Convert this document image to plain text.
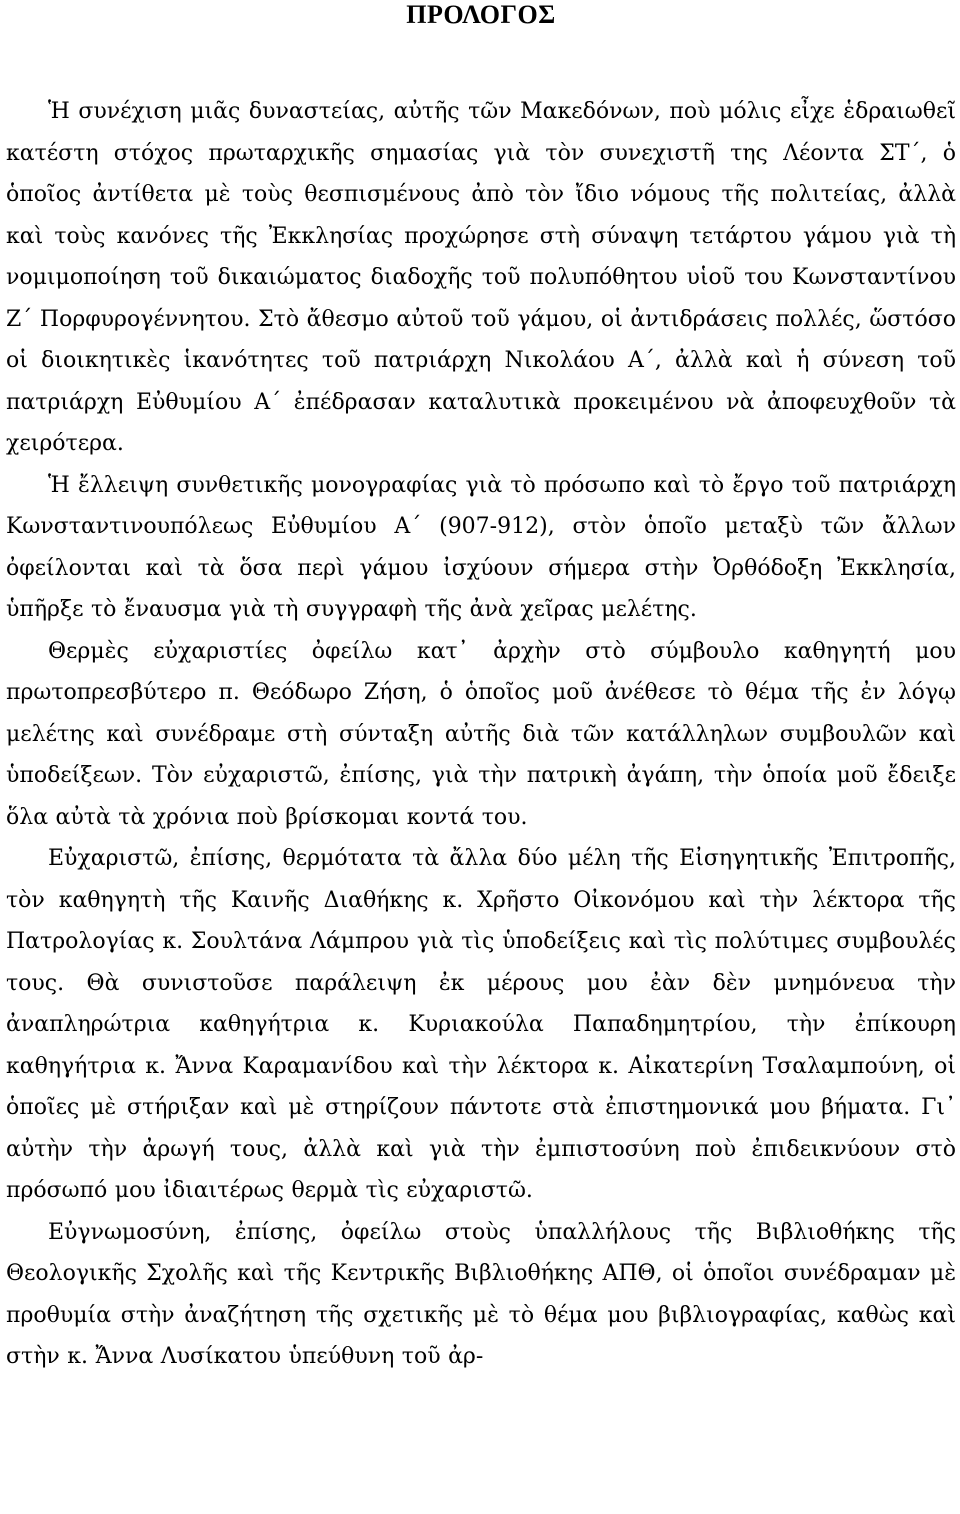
ΠΡΟΛΟΓΟΣ

Ἡ συνέχιση μιᾶς δυναστείας, αὐτῆς τῶν Μακεδόνων, ποὺ μόλις εἶχε ἑδραιωθεῖ κατέστη στόχος πρωταρχικῆς σημασίας γιὰ τὸν συνεχιστῆ της Λέοντα ΣΤ΄, ὁ ὁποῖος ἀντίθετα μὲ τοὺς θεσπισμένους ἀπὸ τὸν ἴδιο νόμους τῆς πολιτείας, ἀλλὰ καὶ τοὺς κανόνες τῆς Ἐκκλησίας προχώρησε στὴ σύναψη τετάρτου γάμου γιὰ τὴ νομιμοποίηση τοῦ δικαιώματος διαδοχῆς τοῦ πολυπόθητου υἱοῦ του Κωνσταντίνου Ζ΄ Πορφυρογέννητου. Στὸ ἄθεσμο αὐτοῦ τοῦ γάμου, οἱ ἀντιδράσεις πολλές, ὥστόσο οἱ διοικητικὲς ἱκανότητες τοῦ πατριάρχη Νικολάου Α΄, ἀλλὰ καὶ ἡ σύνεση τοῦ πατριάρχη Εὐθυμίου Α΄ ἐπέδρασαν καταλυτικὰ προκειμένου νὰ ἀποφευχθοῦν τὰ χειρότερα.

Ἡ ἔλλειψη συνθετικῆς μονογραφίας γιὰ τὸ πρόσωπο καὶ τὸ ἔργο τοῦ πατριάρχη Κωνσταντινουπόλεως Εὐθυμίου Α΄ (907-912), στὸν ὁποῖο μεταξὺ τῶν ἄλλων ὀφείλονται καὶ τὰ ὅσα περὶ γάμου ἰσχύουν σήμερα στὴν Ὀρθόδοξη Ἐκκλησία, ὑπῆρξε τὸ ἔναυσμα γιὰ τὴ συγγραφὴ τῆς ἀνὰ χεῖρας μελέτης.

Θερμὲς εὐχαριστίες ὀφείλω κατ᾽ ἀρχὴν στὸ σύμβουλο καθηγητή μου πρωτοπρεσβύτερο π. Θεόδωρο Ζήση, ὁ ὁποῖος μοῦ ἀνέθεσε τὸ θέμα τῆς ἐν λόγῳ μελέτης καὶ συνέδραμε στὴ σύνταξη αὐτῆς διὰ τῶν κατάλληλων συμβουλῶν καὶ ὑποδείξεων. Τὸν εὐχαριστῶ, ἐπίσης, γιὰ τὴν πατρικὴ ἀγάπη, τὴν ὁποία μοῦ ἔδειξε ὅλα αὐτὰ τὰ χρόνια ποὺ βρίσκομαι κοντά του.

Εὐχαριστῶ, ἐπίσης, θερμότατα τὰ ἄλλα δύο μέλη τῆς Εἰσηγητικῆς Ἐπιτροπῆς, τὸν καθηγητὴ τῆς Καινῆς Διαθήκης κ. Χρῆστο Οἰκονόμου καὶ τὴν λέκτορα τῆς Πατρολογίας κ. Σουλτάνα Λάμπρου γιὰ τὶς ὑποδείξεις καὶ τὶς πολύτιμες συμβουλές τους. Θὰ συνιστοῦσε παράλειψη ἐκ μέρους μου ἐὰν δὲν μνημόνευα τὴν ἀναπληρώτρια καθηγήτρια κ. Κυριακούλα Παπαδημητρίου, τὴν ἐπίκουρη καθηγήτρια κ. Ἄννα Καραμανίδου καὶ τὴν λέκτορα κ. Αἰκατερίνη Τσαλαμπούνη, οἱ ὁποῖες μὲ στήριξαν καὶ μὲ στηρίζουν πάντοτε στὰ ἐπιστημονικά μου βήματα. Γι᾽ αὐτὴν τὴν ἀρωγή τους, ἀλλὰ καὶ γιὰ τὴν ἐμπιστοσύνη ποὺ ἐπιδεικνύουν στὸ πρόσωπό μου ἰδιαιτέρως θερμὰ τὶς εὐχαριστῶ.

Εὐγνωμοσύνη, ἐπίσης, ὀφείλω στοὺς ὑπαλλήλους τῆς Βιβλιοθήκης τῆς Θεολογικῆς Σχολῆς καὶ τῆς Κεντρικῆς Βιβλιοθήκης ΑΠΘ, οἱ ὁποῖοι συνέδραμαν μὲ προθυμία στὴν ἀναζήτηση τῆς σχετικῆς μὲ τὸ θέμα μου βιβλιογραφίας, καθὼς καὶ στὴν κ. Ἄννα Λυσίκατου ὑπεύθυνη τοῦ ἀρ-
